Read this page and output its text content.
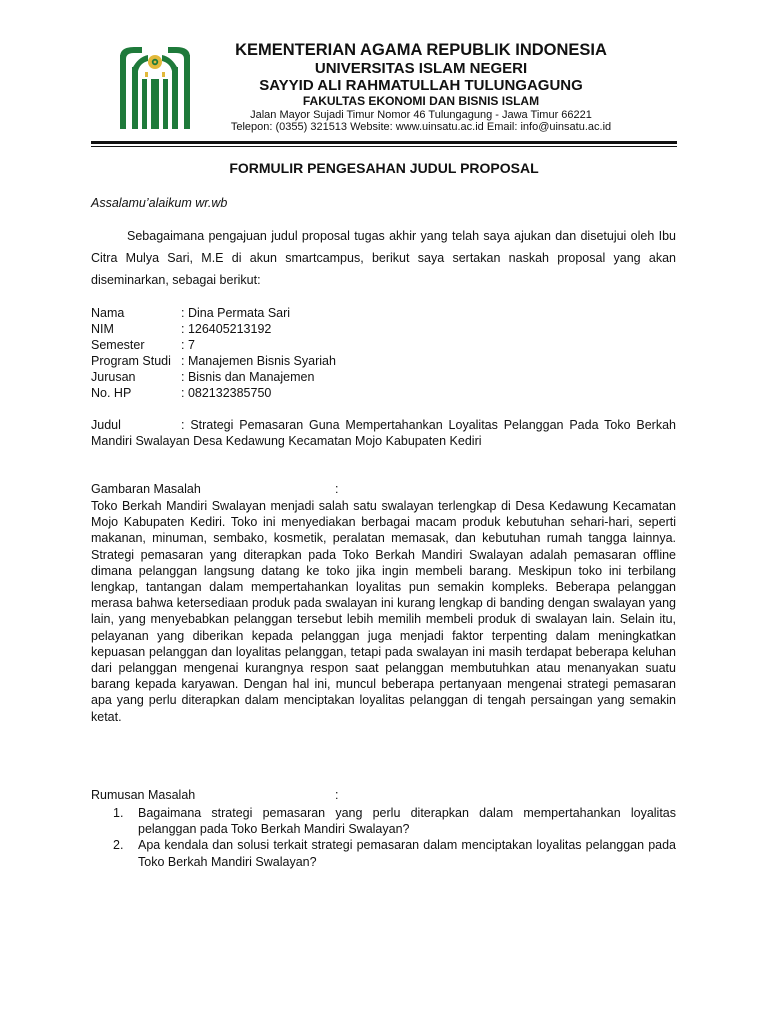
KEMENTERIAN AGAMA REPUBLIK INDONESIA
UNIVERSITAS ISLAM NEGERI
SAYYID ALI RAHMATULLAH TULUNGAGUNG
FAKULTAS EKONOMI DAN BISNIS ISLAM
Jalan Mayor Sujadi Timur Nomor 46 Tulungagung - Jawa Timur 66221
Telepon: (0355) 321513 Website: www.uinsatu.ac.id Email: info@uinsatu.ac.id
FORMULIR PENGESAHAN JUDUL PROPOSAL
Assalamu’alaikum wr.wb
Sebagaimana pengajuan judul proposal tugas akhir yang telah saya ajukan dan disetujui oleh Ibu Citra Mulya Sari, M.E di akun smartcampus, berikut saya sertakan naskah proposal yang akan diseminarkan, sebagai berikut:
Nama	: Dina Permata Sari
NIM	: 126405213192
Semester	: 7
Program Studi : Manajemen Bisnis Syariah
Jurusan	: Bisnis dan Manajemen
No. HP	: 082132385750
Judul	: Strategi Pemasaran Guna Mempertahankan Loyalitas Pelanggan Pada Toko Berkah Mandiri Swalayan Desa Kedawung Kecamatan Mojo Kabupaten Kediri
Gambaran Masalah	:
Toko Berkah Mandiri Swalayan menjadi salah satu swalayan terlengkap di Desa Kedawung Kecamatan Mojo Kabupaten Kediri. Toko ini menyediakan berbagai macam produk kebutuhan sehari-hari, seperti makanan, minuman, sembako, kosmetik, peralatan memasak, dan kebutuhan rumah tangga lainnya. Strategi pemasaran yang diterapkan pada Toko Berkah Mandiri Swalayan adalah pemasaran offline dimana pelanggan langsung datang ke toko jika ingin membeli barang. Meskipun toko ini terbilang lengkap, tantangan dalam mempertahankan loyalitas pun semakin kompleks. Beberapa pelanggan merasa bahwa ketersediaan produk pada swalayan ini kurang lengkap di banding dengan swalayan yang lain, yang menyebabkan pelanggan tersebut lebih memilih membeli produk di swalayan lain. Selain itu, pelayanan yang diberikan kepada pelanggan juga menjadi faktor terpenting dalam meningkatkan kepuasan pelanggan dan loyalitas pelanggan, tetapi pada swalayan ini masih terdapat beberapa keluhan dari pelanggan mengenai kurangnya respon saat pelanggan membutuhkan atau menanyakan suatu barang kepada karyawan. Dengan hal ini, muncul beberapa pertanyaan mengenai strategi pemasaran apa yang perlu diterapkan dalam menciptakan loyalitas pelanggan di tengah persaingan yang semakin ketat.
Rumusan Masalah	:
1. Bagaimana strategi pemasaran yang perlu diterapkan dalam mempertahankan loyalitas pelanggan pada Toko Berkah Mandiri Swalayan?
2. Apa kendala dan solusi terkait strategi pemasaran dalam menciptakan loyalitas pelanggan pada Toko Berkah Mandiri Swalayan?
